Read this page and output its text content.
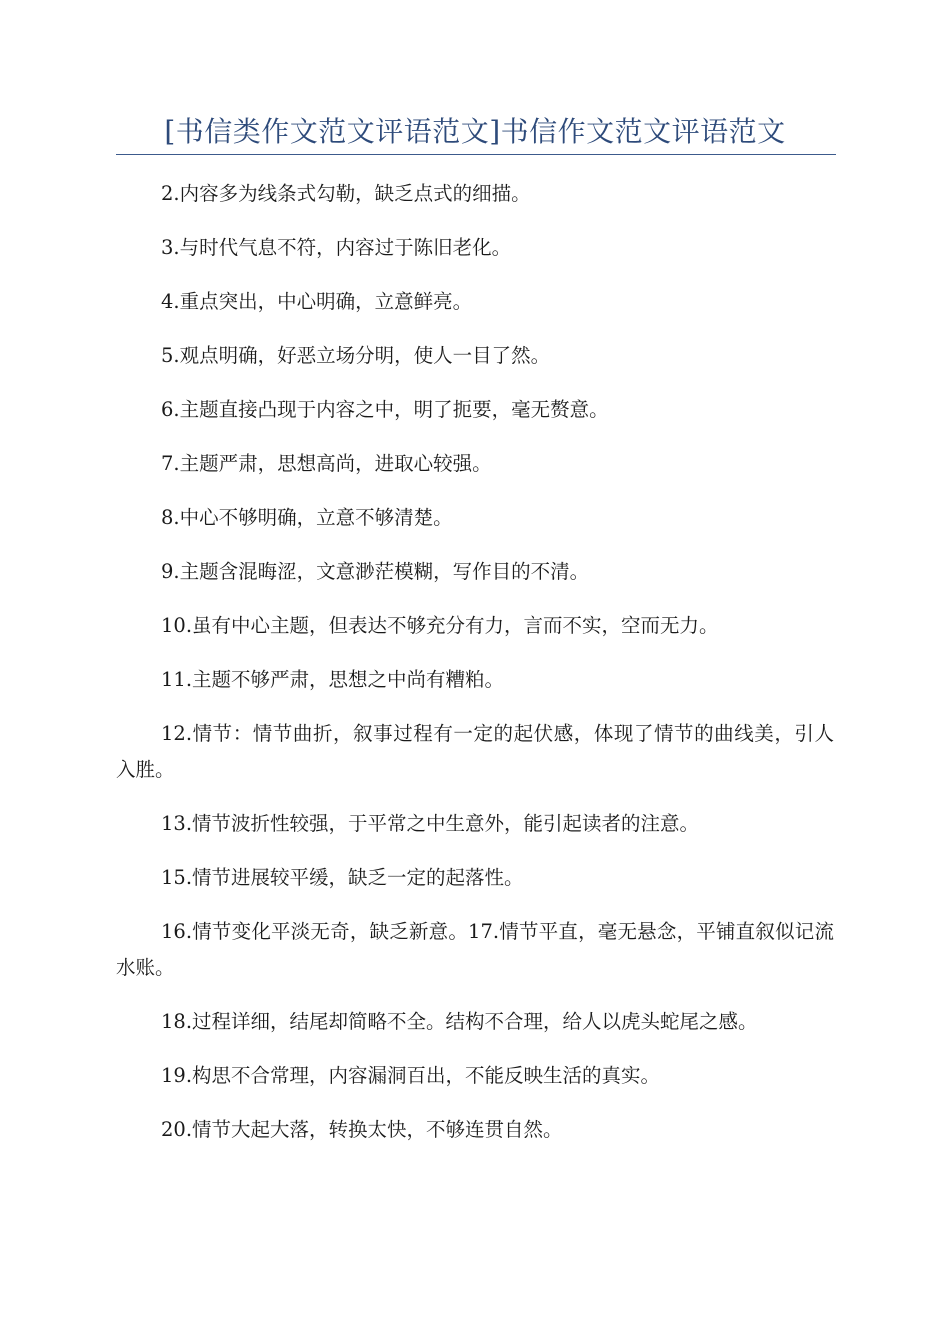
[书信类作文范文评语范文]书信作文范文评语范文

2.内容多为线条式勾勒，缺乏点式的细描。

3.与时代气息不符，内容过于陈旧老化。

4.重点突出，中心明确，立意鲜亮。

5.观点明确，好恶立场分明，使人一目了然。

6.主题直接凸现于内容之中，明了扼要，毫无赘意。

7.主题严肃，思想高尚，进取心较强。

8.中心不够明确，立意不够清楚。

9.主题含混晦涩，文意渺茫模糊，写作目的不清。

10.虽有中心主题，但表达不够充分有力，言而不实，空而无力。

11.主题不够严肃，思想之中尚有糟粕。

12.情节：情节曲折，叙事过程有一定的起伏感，体现了情节的曲线美，引人入胜。

13.情节波折性较强，于平常之中生意外，能引起读者的注意。

15.情节进展较平缓，缺乏一定的起落性。

16.情节变化平淡无奇，缺乏新意。17.情节平直，毫无悬念，平铺直叙似记流水账。

18.过程详细，结尾却简略不全。结构不合理，给人以虎头蛇尾之感。

19.构思不合常理，内容漏洞百出，不能反映生活的真实。

20.情节大起大落，转换太快，不够连贯自然。
